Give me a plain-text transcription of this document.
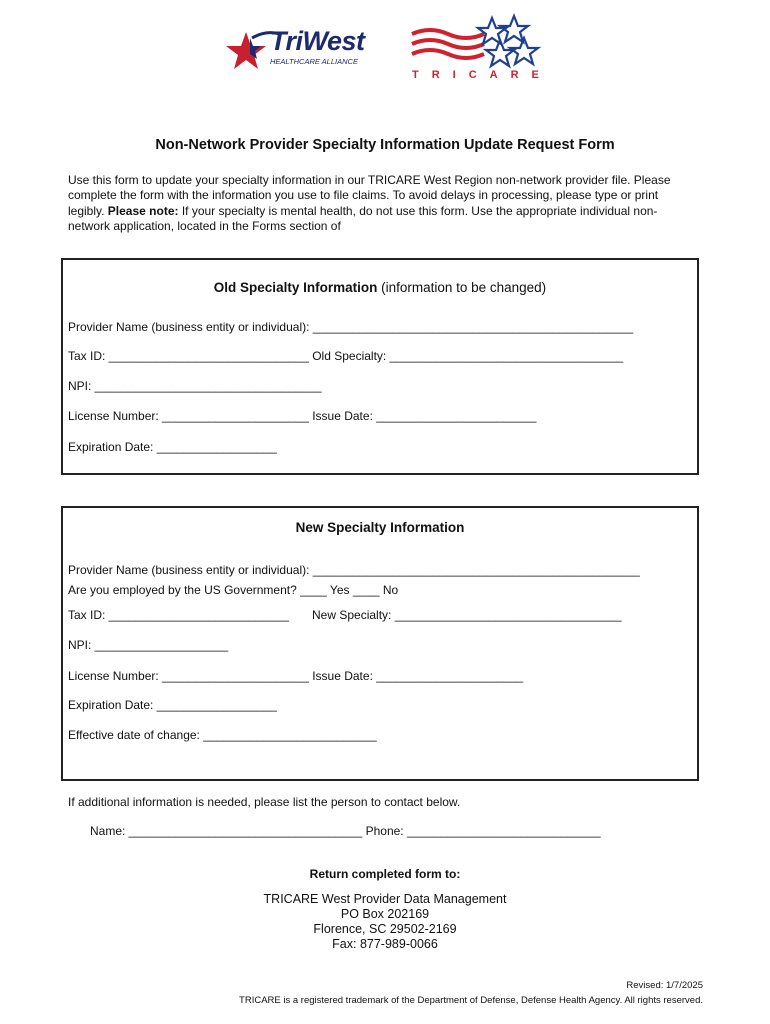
TriWest
HEALTHCARE ALLIANCE
TRICARE
Non-Network Provider Specialty Information Update Request Form
Use this form to update your specialty information in our TRICARE West Region non-network provider file. Please
complete the form with the information you use to file claims. To avoid delays in processing, please type or print
legibly. Please note: If your specialty is mental health, do not use this form. Use the appropriate individual non-
network application, located in the Forms section of
Old Specialty Information (information to be changed)
Provider Name (business entity or individual): ________________________________________________
Tax ID: ______________________________ Old Specialty: ___________________________________
NPI: __________________________________
License Number: ______________________ Issue Date: ________________________
Expiration Date: __________________
New Specialty Information
Provider Name (business entity or individual): _________________________________________________
Are you employed by the US Government? ____ Yes ____ No
Tax ID: ___________________________ New Specialty: __________________________________
NPI: ____________________
License Number: ______________________ Issue Date: ______________________
Expiration Date: __________________
Effective date of change: __________________________
If additional information is needed, please list the person to contact below.
Name: ___________________________________ Phone: _____________________________
Return completed form to:
TRICARE West Provider Data Management
PO Box 202169
Florence, SC 29502-2169
Fax: 877-989-0066
Revised: 1/7/2025
TRICARE is a registered trademark of the Department of Defense, Defense Health Agency. All rights reserved.
